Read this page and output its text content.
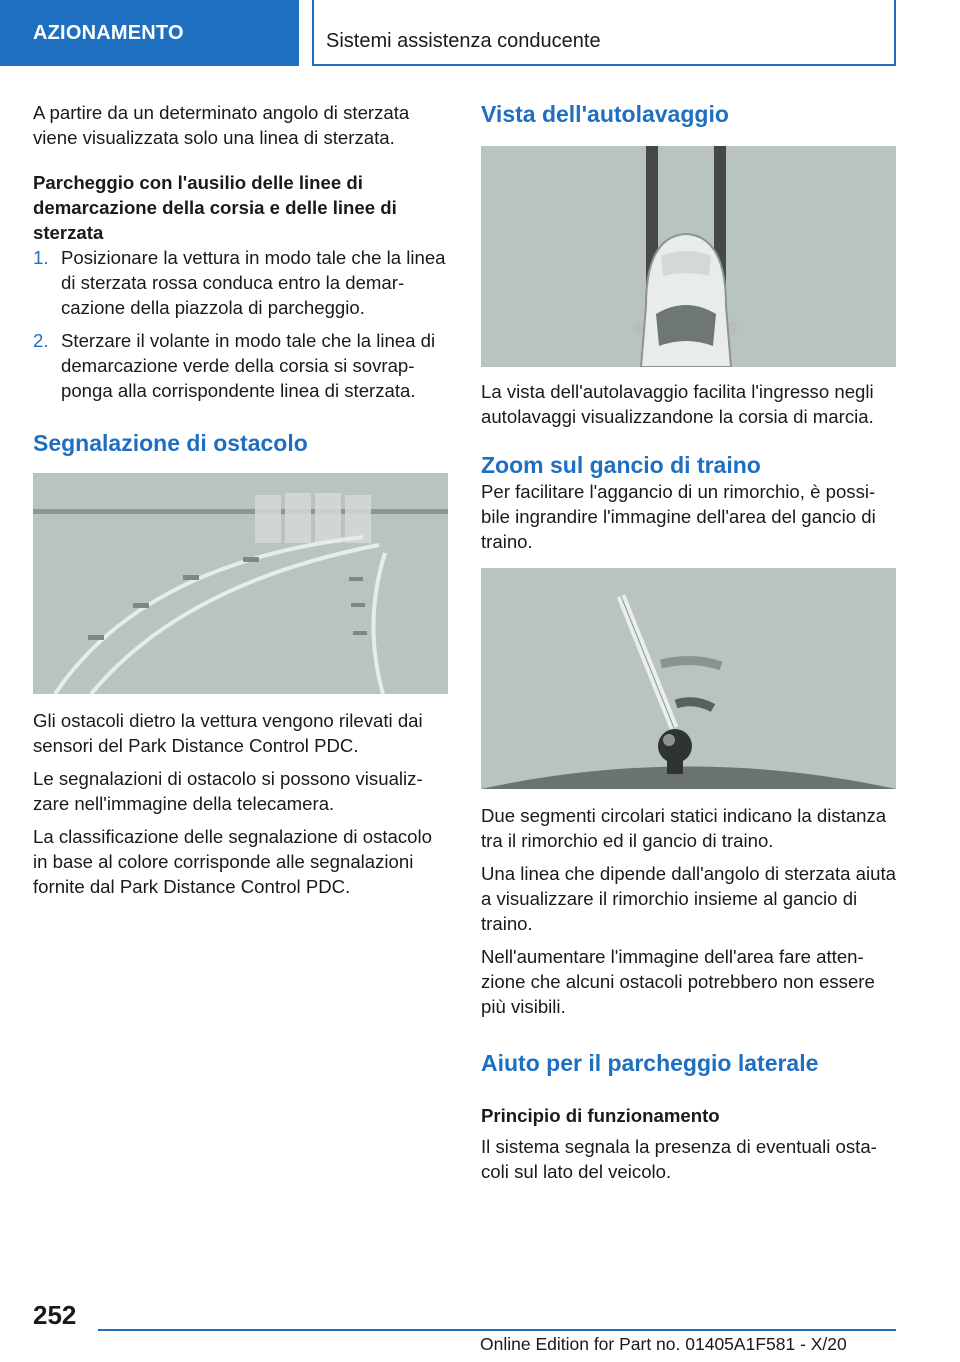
AZIONAMENTO	Sistemi assistenza conducente

A partire da un determinato angolo di sterzata viene visualizzata solo una linea di sterzata.

Parcheggio con l'ausilio delle linee di demarcazione della corsia e delle linee di sterzata
1. Posizionare la vettura in modo tale che la linea di sterzata rossa conduca entro la demarcazione della piazzola di parcheggio.
2. Sterzare il volante in modo tale che la linea di demarcazione verde della corsia si sovrapponga alla corrispondente linea di sterzata.
Segnalazione di ostacolo

Gli ostacoli dietro la vettura vengono rilevati dai sensori del Park Distance Control PDC.

Le segnalazioni di ostacolo si possono visualizzare nell'immagine della telecamera.

La classificazione delle segnalazione di ostacolo in base al colore corrisponde alle segnalazioni fornite dal Park Distance Control PDC.

Vista dell'autolavaggio

La vista dell'autolavaggio facilita l'ingresso negli autolavaggi visualizzandone la corsia di marcia.

Zoom sul gancio di traino

Per facilitare l'aggancio di un rimorchio, è possibile ingrandire l'immagine dell'area del gancio di traino.

Due segmenti circolari statici indicano la distanza tra il rimorchio ed il gancio di traino.

Una linea che dipende dall'angolo di sterzata aiuta a visualizzare il rimorchio insieme al gancio di traino.

Nell'aumentare l'immagine dell'area fare attenzione che alcuni ostacoli potrebbero non essere più visibili.

Aiuto per il parcheggio laterale
Principio di funzionamento

Il sistema segnala la presenza di eventuali ostacoli sul lato del veicolo.

252
Online Edition for Part no. 01405A1F581 - X/20
